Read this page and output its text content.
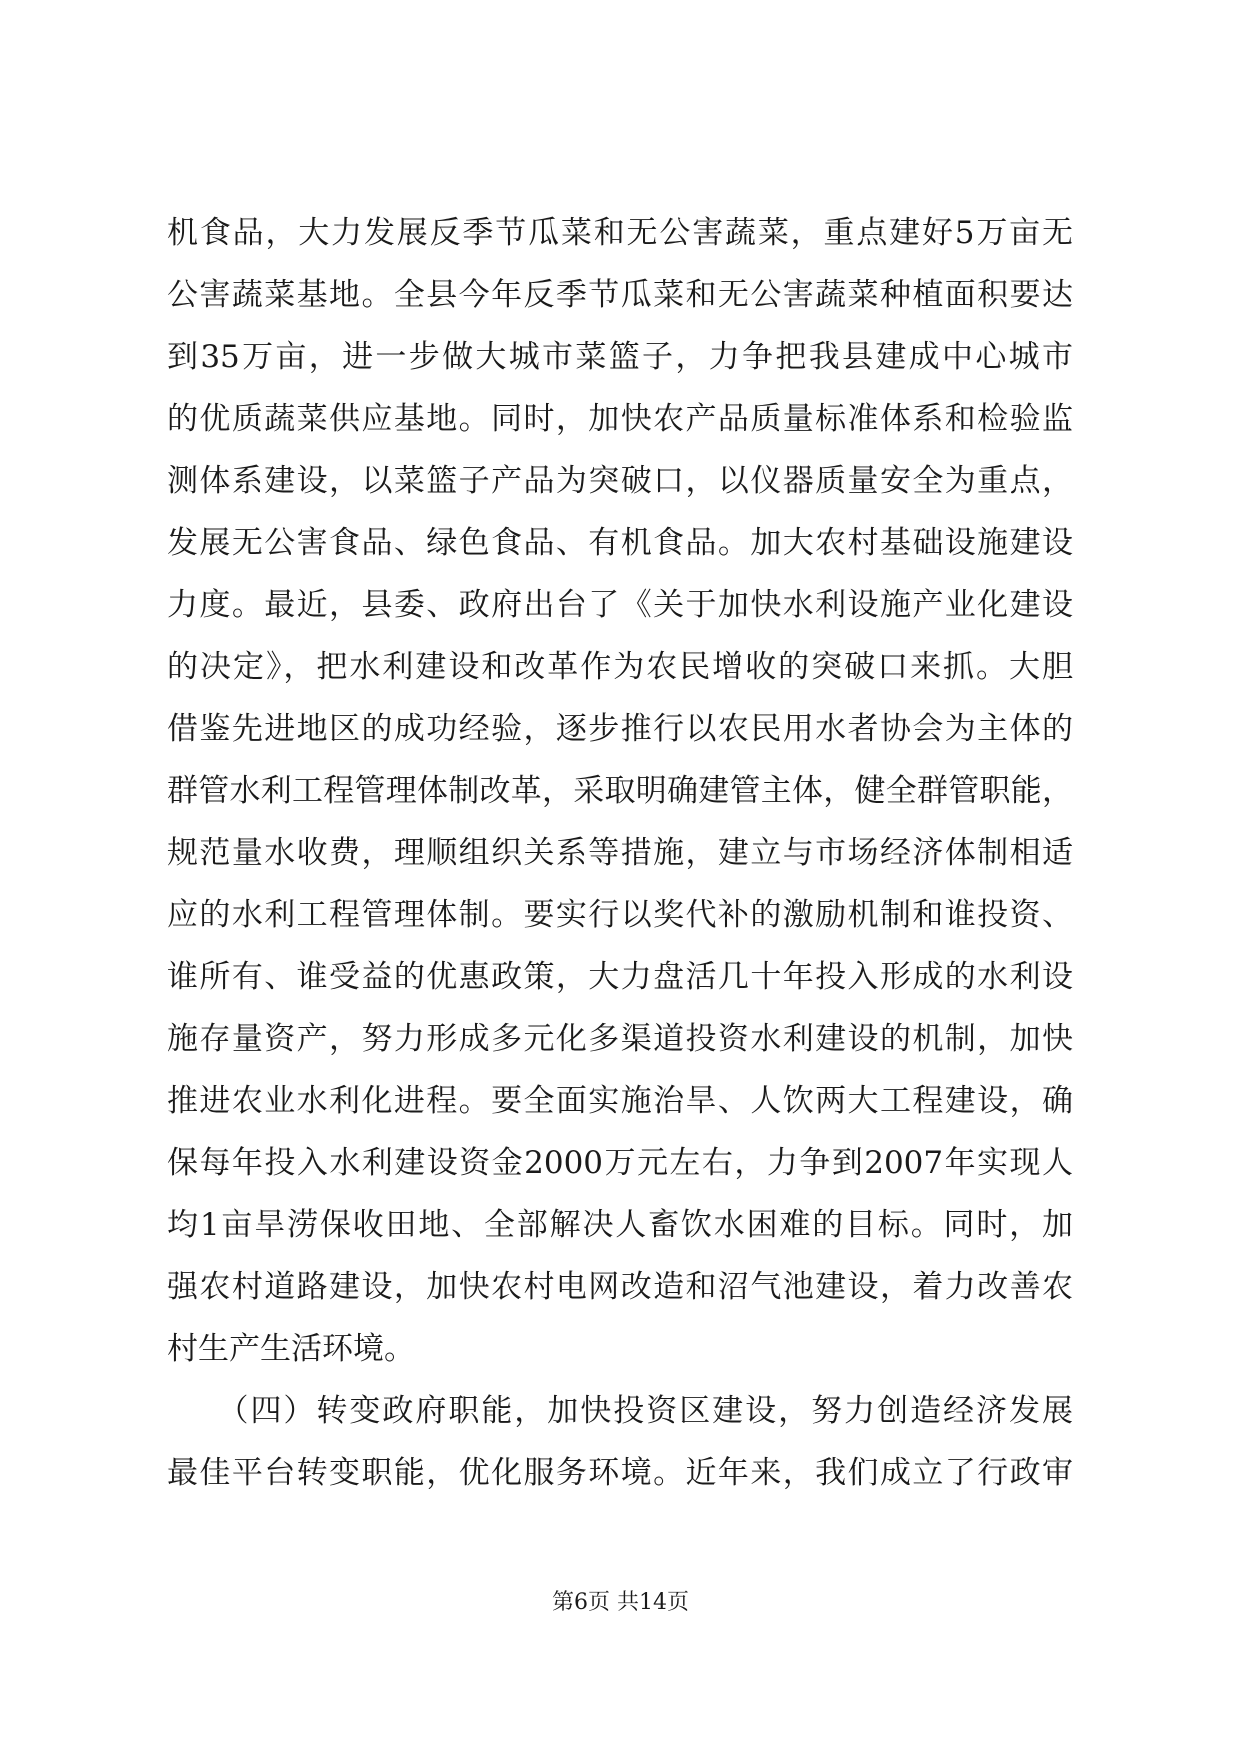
机食品，大力发展反季节瓜菜和无公害蔬菜，重点建好5万亩无
公害蔬菜基地。全县今年反季节瓜菜和无公害蔬菜种植面积要达
到35万亩，进一步做大城市菜篮子，力争把我县建成中心城市
的优质蔬菜供应基地。同时，加快农产品质量标准体系和检验监
测体系建设，以菜篮子产品为突破口，以仪器质量安全为重点，
发展无公害食品、绿色食品、有机食品。加大农村基础设施建设
力度。最近，县委、政府出台了《关于加快水利设施产业化建设
的决定》，把水利建设和改革作为农民增收的突破口来抓。大胆
借鉴先进地区的成功经验，逐步推行以农民用水者协会为主体的
群管水利工程管理体制改革，采取明确建管主体，健全群管职能，
规范量水收费，理顺组织关系等措施，建立与市场经济体制相适
应的水利工程管理体制。要实行以奖代补的激励机制和谁投资、
谁所有、谁受益的优惠政策，大力盘活几十年投入形成的水利设
施存量资产，努力形成多元化多渠道投资水利建设的机制，加快
推进农业水利化进程。要全面实施治旱、人饮两大工程建设，确
保每年投入水利建设资金2000万元左右，力争到2007年实现人
均1亩旱涝保收田地、全部解决人畜饮水困难的目标。同时，加
强农村道路建设，加快农村电网改造和沼气池建设，着力改善农
村生产生活环境。
　　（四）转变政府职能，加快投资区建设，努力创造经济发展
最佳平台转变职能，优化服务环境。近年来，我们成立了行政审
第6页 共14页
